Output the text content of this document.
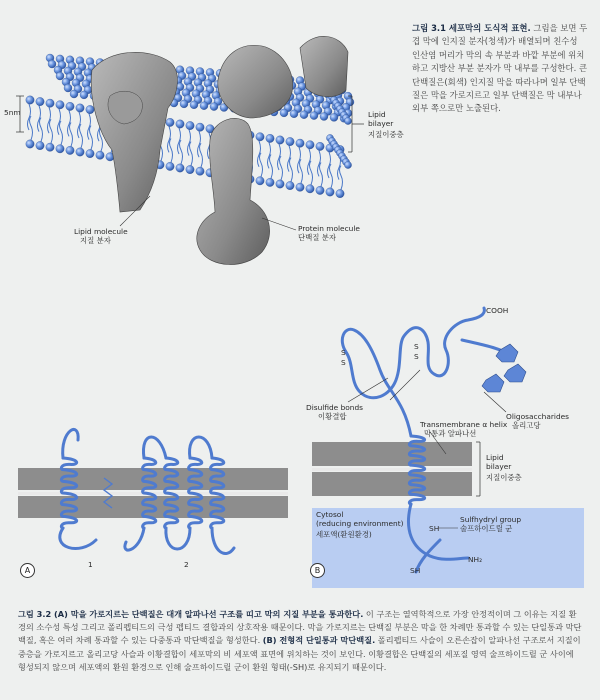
5nm	Lipid
bilayer
지질이중층
Lipid molecule
지질 분자
Protein molecule
단백질 분자
그림 3.1 세포막의 도식적 표현. 그림을 보면 두겹 막에 인지질 분자(청색)가 배열되며 친수성 인산염 머리가 막의 속 부분과 바깥 부분에 위치하고 지방산 부분 분자가 막 내부를 구성한다. 큰 단백질은(회색) 인지질 막을 따라나며 일부 단백질은 막을 가로지르고 일부 단백질은 막 내부나 외부 쪽으로만 노출된다.
A	B
1	2
COOH
NH₂
S
S
S
S
Disulfide bonds
이황결합	Oligosaccharides
올리고당
Transmembrane α helix
막통과 알파나선
Lipid
bilayer
지질이중층
Cytosol
(reducing environment)
세포액(환원환경)
Sulfhydryl group
술프하이드릴 군
SH
SH
그림 3.2 (A) 막을 가로지르는 단백질은 대개 알파나선 구조를 띠고 막의 지질 부분을 통과한다. 이 구조는 열역학적으로 가장 안정적이며 그 이유는 지질 환경의 소수성 특성 그리고 폴리펩티드의 극성 펩티드 결합과의 상호작용 때문이다. 막을 가로지르는 단백질 부분은 막을 한 차례만 통과할 수 있는 단일통과 막단백질, 혹은 여러 차례 통과할 수 있는 다중통과 막단백질을 형성한다. (B) 전형적 단일통과 막단백질. 폴리펩티드 사슬이 오른손잡이 알파나선 구조로서 지질이중층을 가로지르고 올리고당 사슬과 이황결합이 세포막의 비 세포액 표면에 위치하는 것이 보인다. 이황결합은 단백질의 세포질 영역 술프하이드릴 군 사이에 형성되지 않으며 세포액의 환원 환경으로 인해 술프하이드릴 군이 환원 형태(-SH)로 유지되기 때문이다.
